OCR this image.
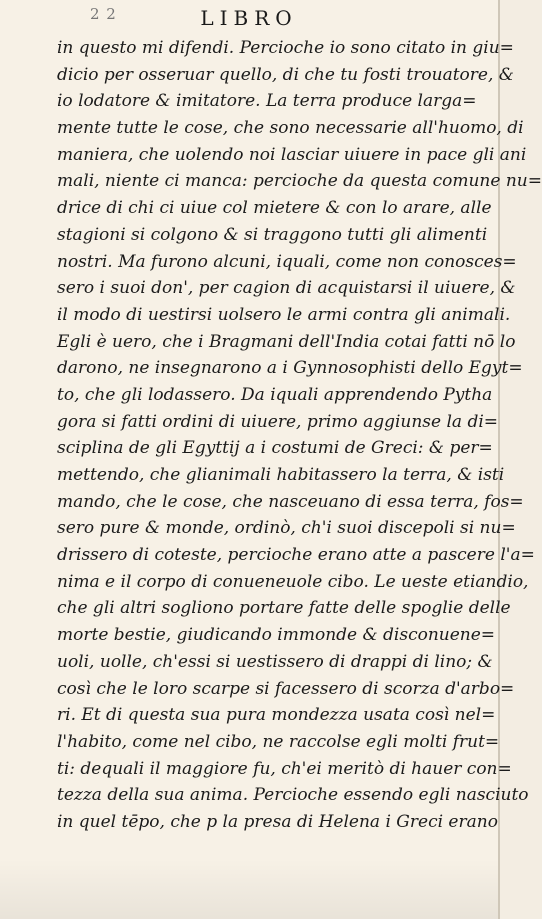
2 2	LIBRO
in questo mi difendi. Percioche io sono citato in giu=
dicio per osseruar quello, di che tu fosti trouatore, &
io lodatore & imitatore. La terra produce larga=
mente tutte le cose, che sono necessarie all'huomo, di
maniera, che uolendo noi lasciar uiuere in pace gli ani
mali, niente ci manca: percioche da questa comune nu=
drice di chi ci uiue col mietere & con lo arare, alle
stagioni si colgono & si traggono tutti gli alimenti
nostri. Ma furono alcuni, iquali, come non conosces=
sero i suoi don', per cagion di acquistarsi il uiuere, &
il modo di uestirsi uolsero le armi contra gli animali.
Egli è uero, che i Bragmani dell'India cotai fatti nō lo
darono, ne insegnarono a i Gynnosophisti dello Egyt=
to, che gli lodassero. Da iquali apprendendo Pytha
gora si fatti ordini di uiuere, primo aggiunse la di=
sciplina de gli Egyttij a i costumi de Greci: & per=
mettendo, che glianimali habitassero la terra, & isti
mando, che le cose, che nasceuano di essa terra, fos=
sero pure & monde, ordinò, ch'i suoi discepoli si nu=
drissero di coteste, percioche erano atte a pascere l'a=
nima e il corpo di conueneuole cibo. Le ueste etiandio,
che gli altri sogliono portare fatte delle spoglie delle
morte bestie, giudicando immonde & disconuene=
uoli, uolle, ch'essi si uestissero di drappi di lino; &
così che le loro scarpe si facessero di scorza d'arbo=
ri. Et di questa sua pura mondezza usata così nel=
l'habito, come nel cibo, ne raccolse egli molti frut=
ti: dequali il maggiore fu, ch'ei meritò di hauer con=
tezza della sua anima. Percioche essendo egli nasciuto
in quel tēpo, che p la presa di Helena i Greci erano
